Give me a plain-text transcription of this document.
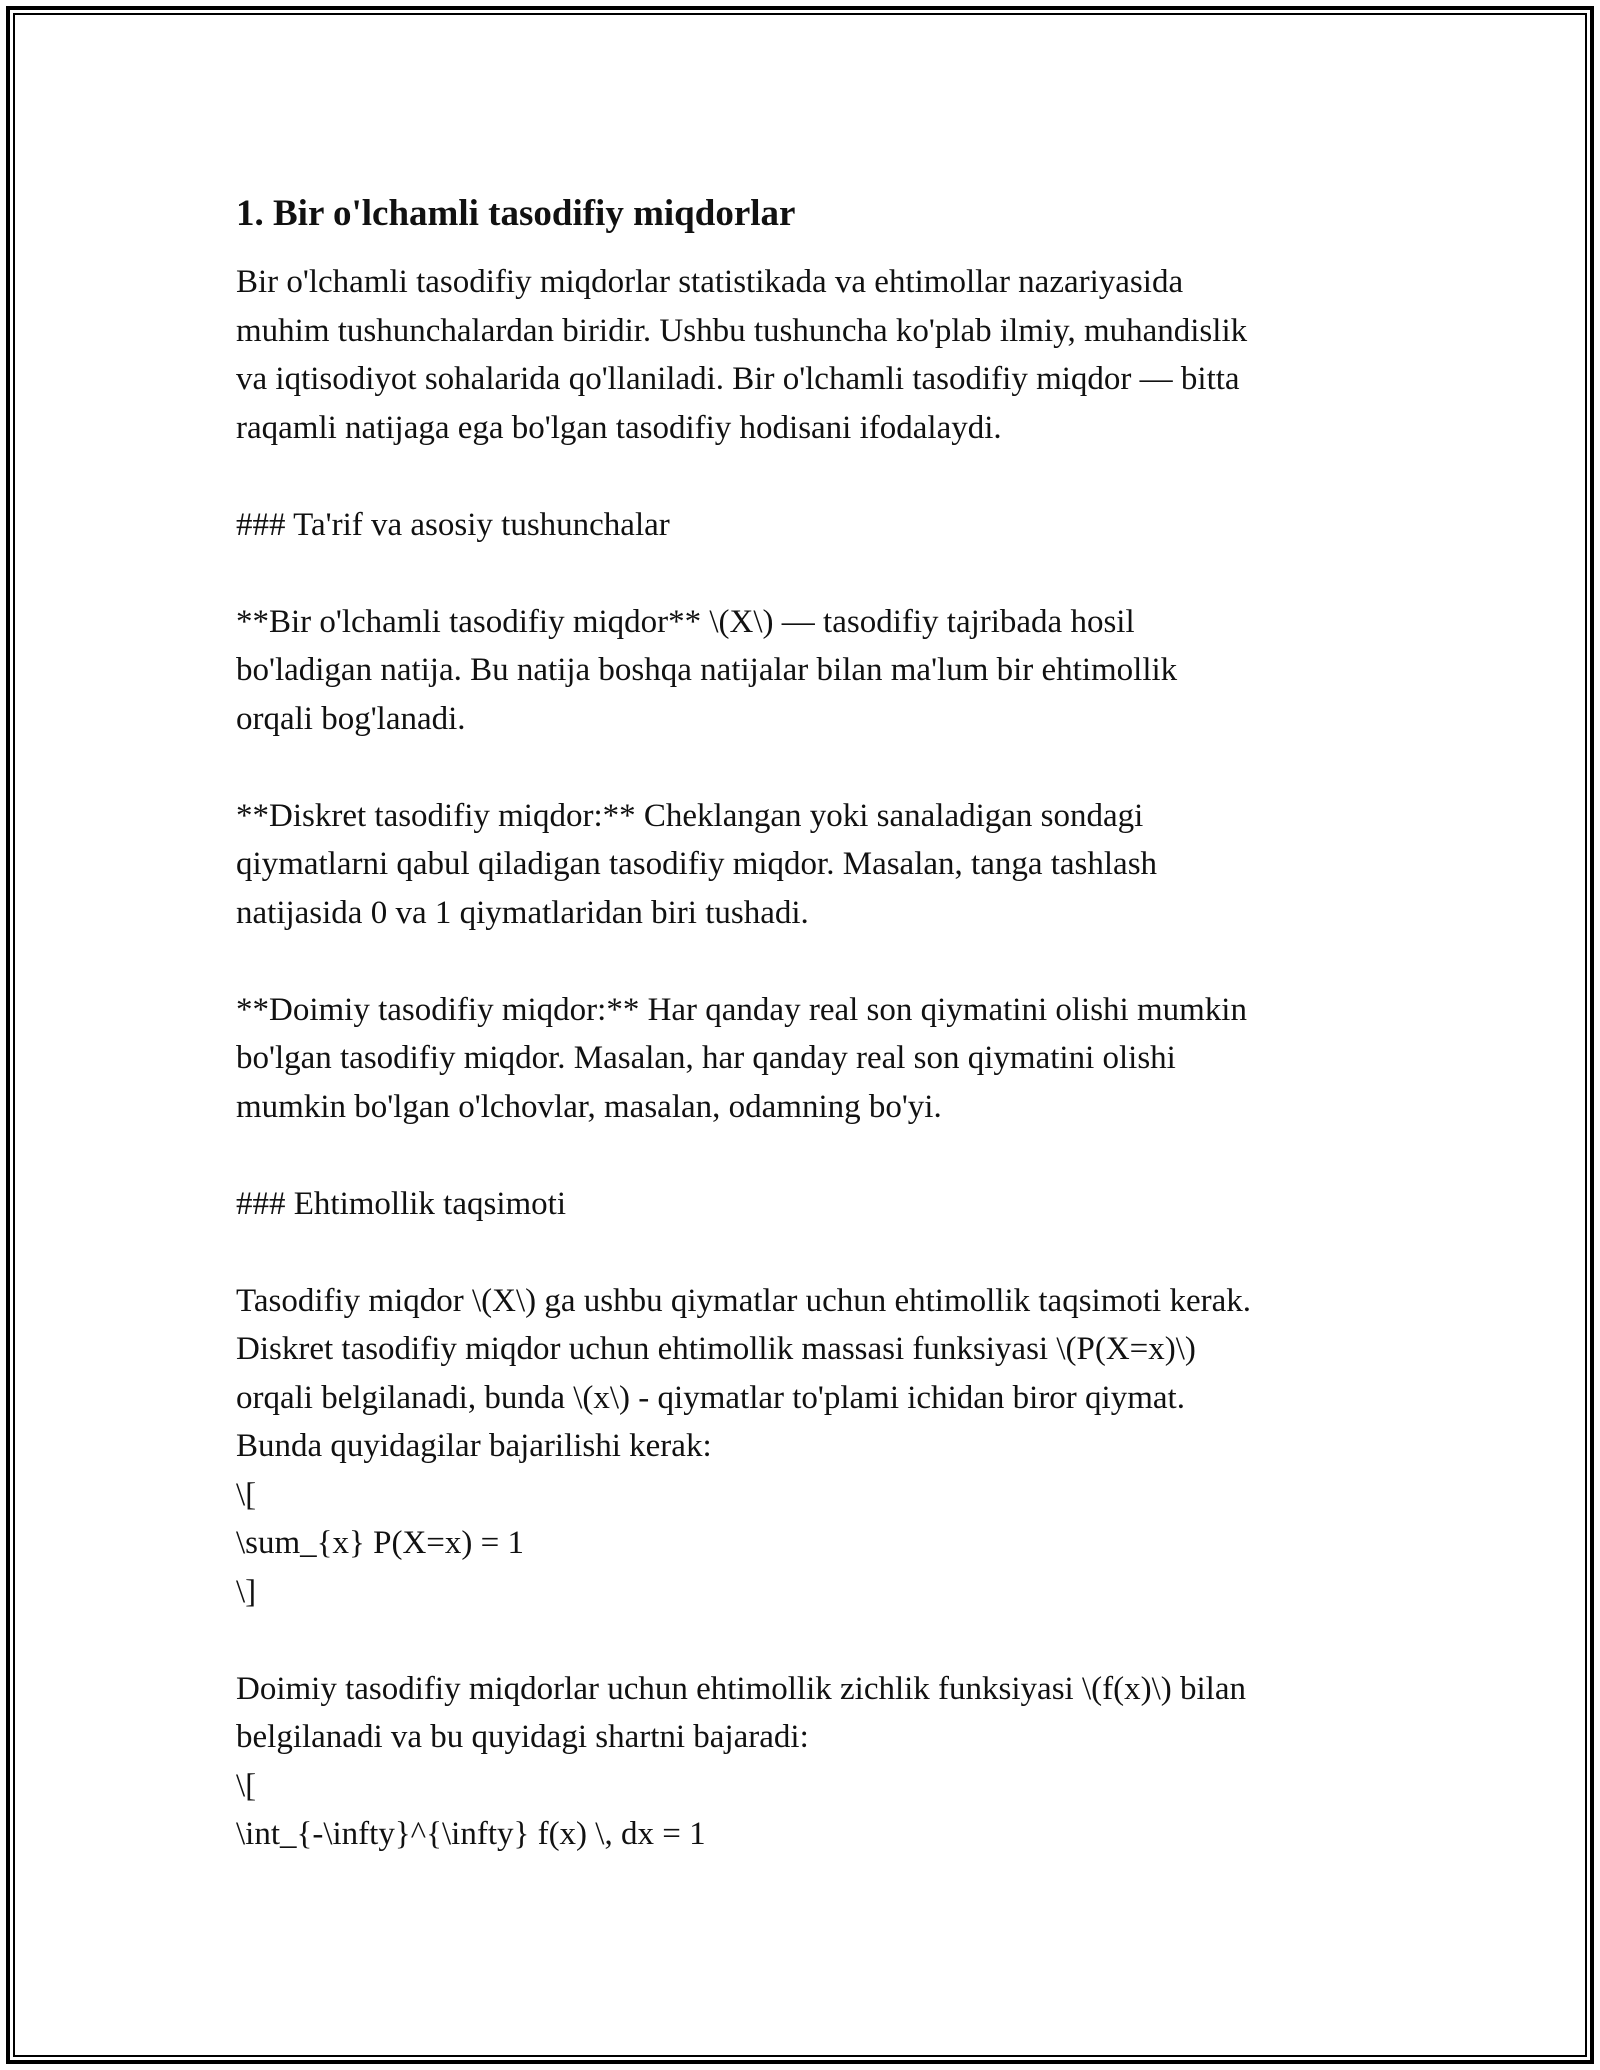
1. Bir o'lchamli tasodifiy miqdorlar

Bir o'lchamli tasodifiy miqdorlar statistikada va ehtimollar nazariyasida
muhim tushunchalardan biridir. Ushbu tushuncha ko'plab ilmiy, muhandislik
va iqtisodiyot sohalarida qo'llaniladi. Bir o'lchamli tasodifiy miqdor — bitta
raqamli natijaga ega bo'lgan tasodifiy hodisani ifodalaydi.

### Ta'rif va asosiy tushunchalar

**Bir o'lchamli tasodifiy miqdor** \(X\) — tasodifiy tajribada hosil
bo'ladigan natija. Bu natija boshqa natijalar bilan ma'lum bir ehtimollik
orqali bog'lanadi.

**Diskret tasodifiy miqdor:** Cheklangan yoki sanaladigan sondagi
qiymatlarni qabul qiladigan tasodifiy miqdor. Masalan, tanga tashlash
natijasida 0 va 1 qiymatlaridan biri tushadi.

**Doimiy tasodifiy miqdor:** Har qanday real son qiymatini olishi mumkin
bo'lgan tasodifiy miqdor. Masalan, har qanday real son qiymatini olishi
mumkin bo'lgan o'lchovlar, masalan, odamning bo'yi.

### Ehtimollik taqsimoti

Tasodifiy miqdor \(X\) ga ushbu qiymatlar uchun ehtimollik taqsimoti kerak.
Diskret tasodifiy miqdor uchun ehtimollik massasi funksiyasi \(P(X=x)\)
orqali belgilanadi, bunda \(x\) - qiymatlar to'plami ichidan biror qiymat.
Bunda quyidagilar bajarilishi kerak:
\[
\sum_{x} P(X=x) = 1
\]

Doimiy tasodifiy miqdorlar uchun ehtimollik zichlik funksiyasi \(f(x)\) bilan
belgilanadi va bu quyidagi shartni bajaradi:
\[
\int_{-\infty}^{\infty} f(x) \, dx = 1
